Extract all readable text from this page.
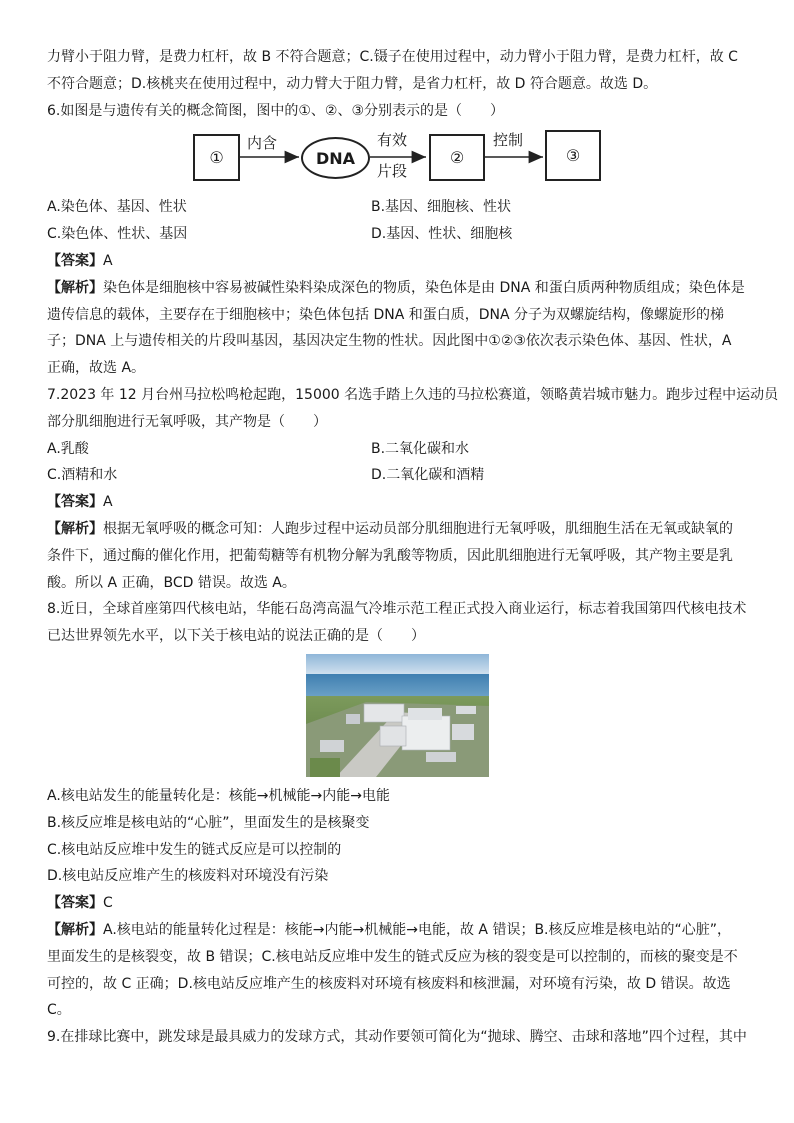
力臂小于阻力臂，是费力杠杆，故 B 不符合题意；C.镊子在使用过程中，动力臂小于阻力臂，是费力杠杆，故 C
不符合题意；D.核桃夹在使用过程中，动力臂大于阻力臂，是省力杠杆，故 D 符合题意。故选 D。
6.如图是与遗传有关的概念简图，图中的①、②、③分别表示的是（　　）
①
内含
DNA
有效
片段
②
控制
③
A.染色体、基因、性状	B.基因、细胞核、性状
C.染色体、性状、基因	D.基因、性状、细胞核
【答案】A
【解析】染色体是细胞核中容易被碱性染料染成深色的物质，染色体是由 DNA 和蛋白质两种物质组成；染色体是
遗传信息的载体，主要存在于细胞核中；染色体包括 DNA 和蛋白质，DNA 分子为双螺旋结构，像螺旋形的梯
子；DNA 上与遗传相关的片段叫基因，基因决定生物的性状。因此图中①②③依次表示染色体、基因、性状，A
正确，故选 A。
7.2023 年 12 月台州马拉松鸣枪起跑，15000 名选手踏上久违的马拉松赛道，领略黄岩城市魅力。跑步过程中运动员
部分肌细胞进行无氧呼吸，其产物是（　　）
A.乳酸	B.二氧化碳和水
C.酒精和水	D.二氧化碳和酒精
【答案】A
【解析】根据无氧呼吸的概念可知：人跑步过程中运动员部分肌细胞进行无氧呼吸，肌细胞生活在无氧或缺氧的
条件下，通过酶的催化作用，把葡萄糖等有机物分解为乳酸等物质，因此肌细胞进行无氧呼吸，其产物主要是乳
酸。所以 A 正确，BCD 错误。故选 A。
8.近日，全球首座第四代核电站，华能石岛湾高温气冷堆示范工程正式投入商业运行，标志着我国第四代核电技术
已达世界领先水平，以下关于核电站的说法正确的是（　　）
A.核电站发生的能量转化是：核能→机械能→内能→电能
B.核反应堆是核电站的“心脏”，里面发生的是核聚变
C.核电站反应堆中发生的链式反应是可以控制的
D.核电站反应堆产生的核废料对环境没有污染
【答案】C
【解析】A.核电站的能量转化过程是：核能→内能→机械能→电能，故 A 错误；B.核反应堆是核电站的“心脏”，
里面发生的是核裂变，故 B 错误；C.核电站反应堆中发生的链式反应为核的裂变是可以控制的，而核的聚变是不
可控的，故 C 正确；D.核电站反应堆产生的核废料对环境有核废料和核泄漏，对环境有污染，故 D 错误。故选
C。
9.在排球比赛中，跳发球是最具威力的发球方式，其动作要领可简化为“抛球、腾空、击球和落地”四个过程，其中
